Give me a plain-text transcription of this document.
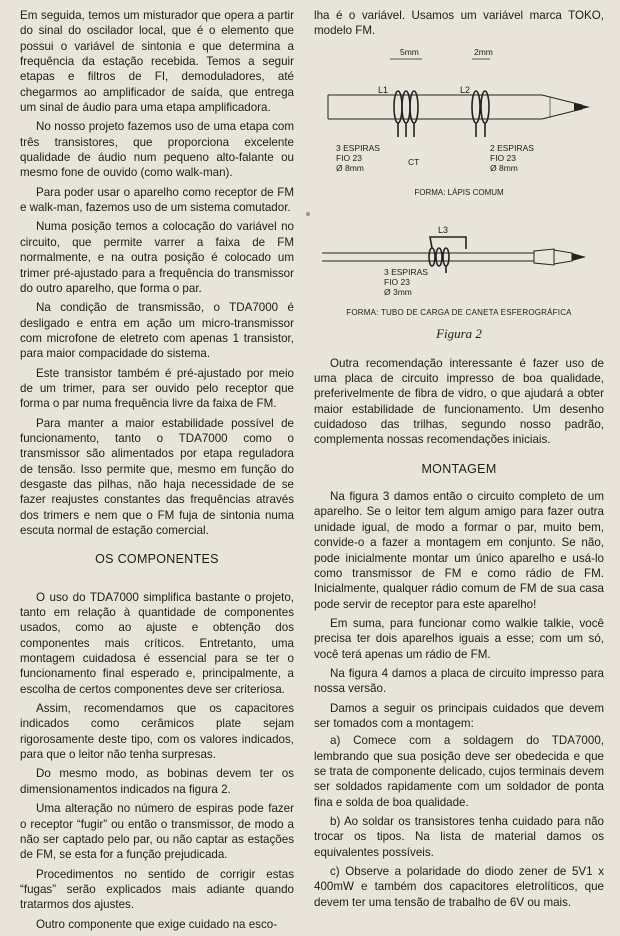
Em seguida, temos um misturador que opera a partir do sinal do oscilador local, que é o elemento que possui o variável de sintonia e que determina a frequência da estação recebida. Temos a seguir etapas e filtros de FI, demoduladores, até chegarmos ao amplificador de saída, que entrega um sinal de áudio para uma etapa amplificadora.

No nosso projeto fazemos uso de uma etapa com três transistores, que proporciona excelente qualidade de áudio num pequeno alto-falante ou mesmo fone de ouvido (como walk-man).

Para poder usar o aparelho como receptor de FM e walk-man, fazemos uso de um sistema comutador.

Numa posição temos a colocação do variável no circuito, que permite varrer a faixa de FM normalmente, e na outra posição é colocado um trimer pré-ajustado para a frequência do transmissor do outro aparelho, que forma o par.

Na condição de transmissão, o TDA7000 é desligado e entra em ação um micro-transmissor com microfone de eletreto com apenas 1 transistor, para maior compacidade do sistema.

Este transistor também é pré-ajustado por meio de um trimer, para ser ouvido pelo receptor que forma o par numa frequência livre da faixa de FM.

Para manter a maior estabilidade possível de funcionamento, tanto o TDA7000 como o transmissor são alimentados por etapa reguladora de tensão. Isso permite que, mesmo em função do desgaste das pilhas, não haja necessidade de se fazer reajustes constantes das frequências através dos trimers e nem que o FM fuja de sintonia numa escuta normal de estação comercial.

OS COMPONENTES

O uso do TDA7000 simplifica bastante o projeto, tanto em relação à quantidade de componentes usados, como ao ajuste e obtenção dos componentes mais críticos. Entretanto, uma montagem cuidadosa é essencial para se ter o funcionamento final esperado e, principalmente, a escolha de certos componentes deve ser criteriosa.

Assim, recomendamos que os capacitores indicados como cerâmicos plate sejam rigorosamente deste tipo, com os valores indicados, para que o leitor não tenha surpresas.

Do mesmo modo, as bobinas devem ter os dimensionamentos indicados na figura 2.

Uma alteração no número de espiras pode fazer o receptor “fugir” ou então o transmissor, de modo a não ser captado pelo par, ou não captar as estações de FM, se esta for a função prejudicada.

Procedimentos no sentido de corrigir estas “fugas” serão explicados mais adiante quando tratarmos dos ajustes.

Outro componente que exige cuidado na esco-

lha é o variável. Usamos um variável marca TOKO, modelo FM.

5mm	2mm
L1	L2
3 ESPIRAS
FIO 23
Ø 8mm
CT
2 ESPIRAS
FIO 23
Ø 8mm
FORMA: LÁPIS COMUM
L3
3 ESPIRAS
FIO 23
Ø 3mm
FORMA: TUBO DE CARGA DE CANETA ESFEROGRÁFICA
Figura 2

Outra recomendação interessante é fazer uso de uma placa de circuito impresso de boa qualidade, preferivelmente de fibra de vidro, o que ajudará a obter maior estabilidade de funcionamento. Um desenho cuidadoso das trilhas, segundo nosso padrão, complementa nossas recomendações iniciais.

MONTAGEM

Na figura 3 damos então o circuito completo de um aparelho. Se o leitor tem algum amigo para fazer outra unidade igual, de modo a formar o par, muito bem, convide-o a fazer a montagem em conjunto. Se não, pode inicialmente montar um único aparelho e usá-lo como transmissor de FM e como rádio de FM. Inicialmente, qualquer rádio comum de FM de sua casa pode servir de receptor para este aparelho!

Em suma, para funcionar como walkie talkie, você precisa ter dois aparelhos iguais a esse; com um só, você terá apenas um rádio de FM.

Na figura 4 damos a placa de circuito impresso para nossa versão.

Damos a seguir os principais cuidados que devem ser tomados com a montagem:

a) Comece com a soldagem do TDA7000, lembrando que sua posição deve ser obedecida e que se trata de componente delicado, cujos terminais devem ser soldados rapidamente com um soldador de ponta fina e solda de boa qualidade.

b) Ao soldar os transistores tenha cuidado para não trocar os tipos. Na lista de material damos os equivalentes possíveis.

c) Observe a polaridade do diodo zener de 5V1 x 400mW e também dos capacitores eletrolíticos, que devem ter uma tensão de trabalho de 6V ou mais.
